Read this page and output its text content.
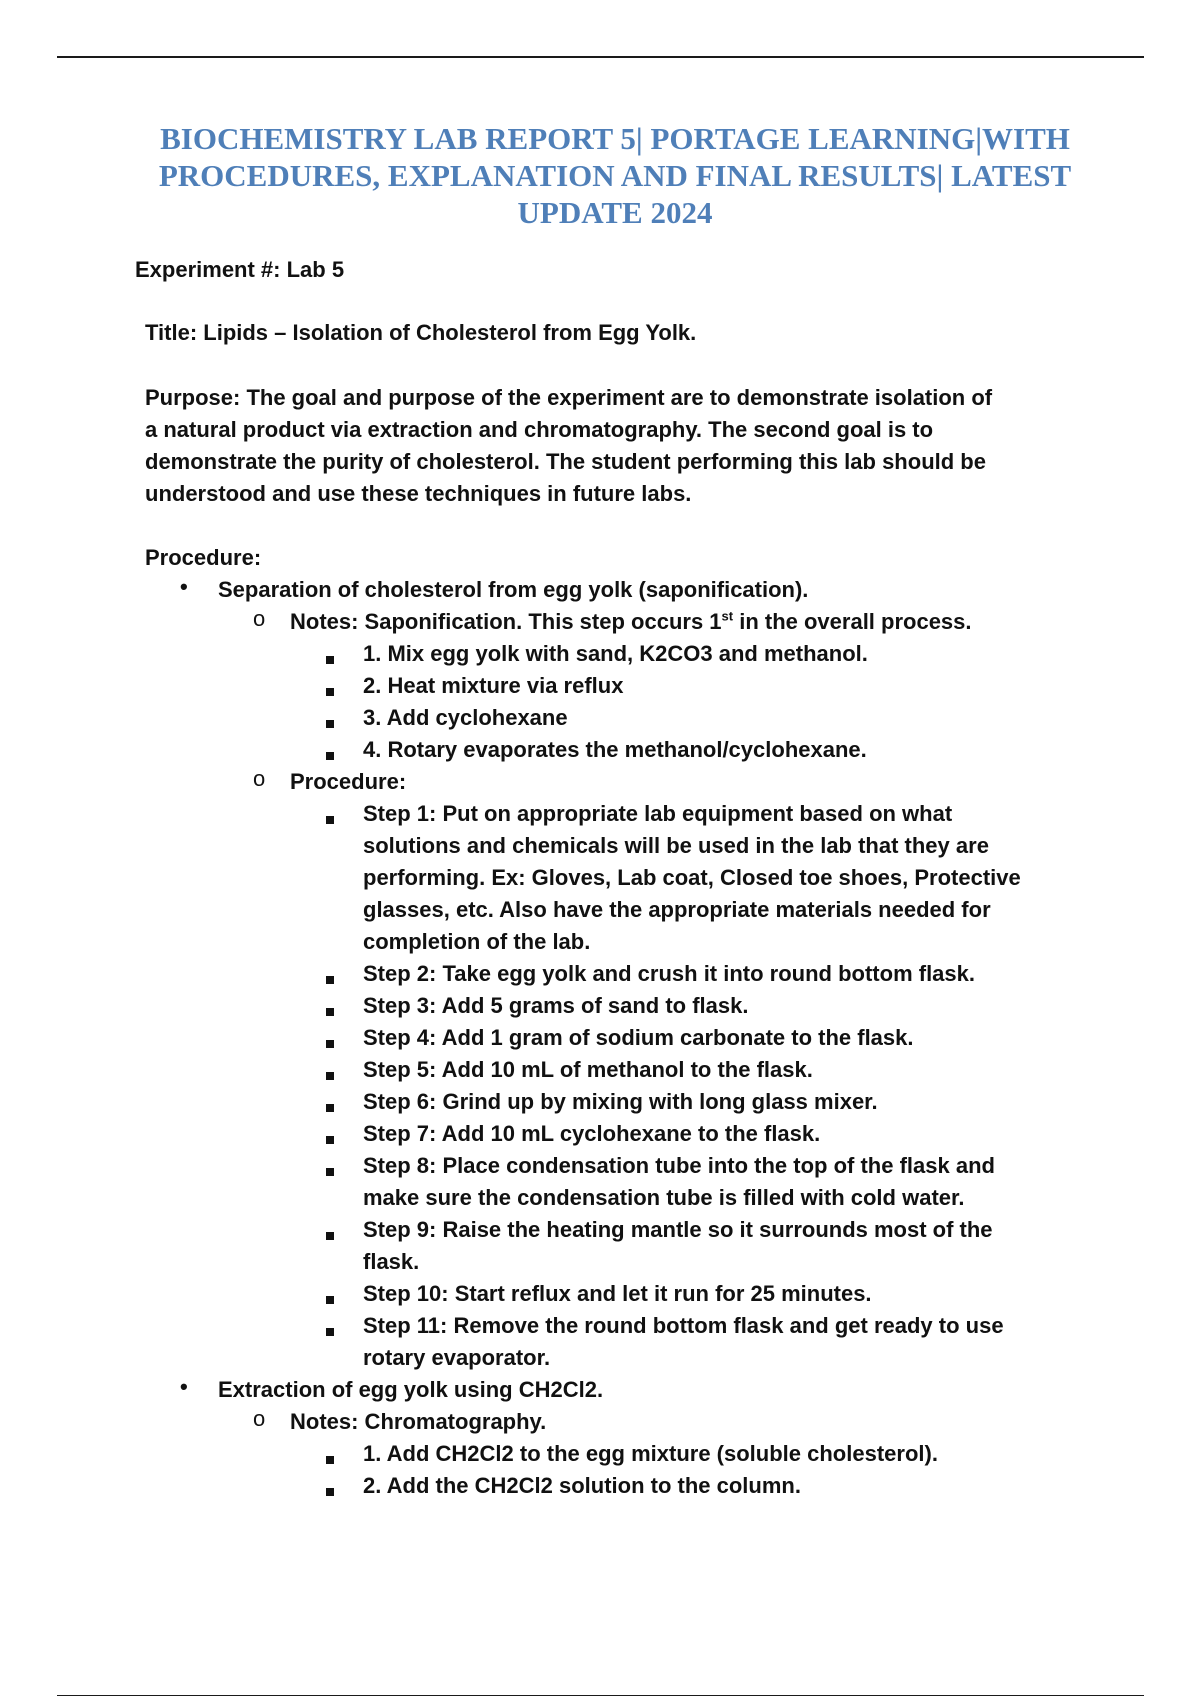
BIOCHEMISTRY LAB REPORT 5| PORTAGE LEARNING|WITH
PROCEDURES, EXPLANATION AND FINAL RESULTS| LATEST
UPDATE 2024
Experiment #: Lab 5
Title: Lipids – Isolation of Cholesterol from Egg Yolk.
Purpose: The goal and purpose of the experiment are to demonstrate isolation of
a natural product via extraction and chromatography. The second goal is to
demonstrate the purity of cholesterol. The student performing this lab should be
understood and use these techniques in future labs.
Procedure:
• Separation of cholesterol from egg yolk (saponification).
o Notes: Saponification. This step occurs 1st in the overall process.
1. Mix egg yolk with sand, K2CO3 and methanol.
2. Heat mixture via reflux
3. Add cyclohexane
4. Rotary evaporates the methanol/cyclohexane.
o Procedure:
Step 1: Put on appropriate lab equipment based on what
solutions and chemicals will be used in the lab that they are
performing. Ex: Gloves, Lab coat, Closed toe shoes, Protective
glasses, etc. Also have the appropriate materials needed for
completion of the lab.
Step 2: Take egg yolk and crush it into round bottom flask.
Step 3: Add 5 grams of sand to flask.
Step 4: Add 1 gram of sodium carbonate to the flask.
Step 5: Add 10 mL of methanol to the flask.
Step 6: Grind up by mixing with long glass mixer.
Step 7: Add 10 mL cyclohexane to the flask.
Step 8: Place condensation tube into the top of the flask and
make sure the condensation tube is filled with cold water.
Step 9: Raise the heating mantle so it surrounds most of the
flask.
Step 10: Start reflux and let it run for 25 minutes.
Step 11: Remove the round bottom flask and get ready to use
rotary evaporator.
• Extraction of egg yolk using CH2Cl2.
o Notes: Chromatography.
1. Add CH2Cl2 to the egg mixture (soluble cholesterol).
2. Add the CH2Cl2 solution to the column.
